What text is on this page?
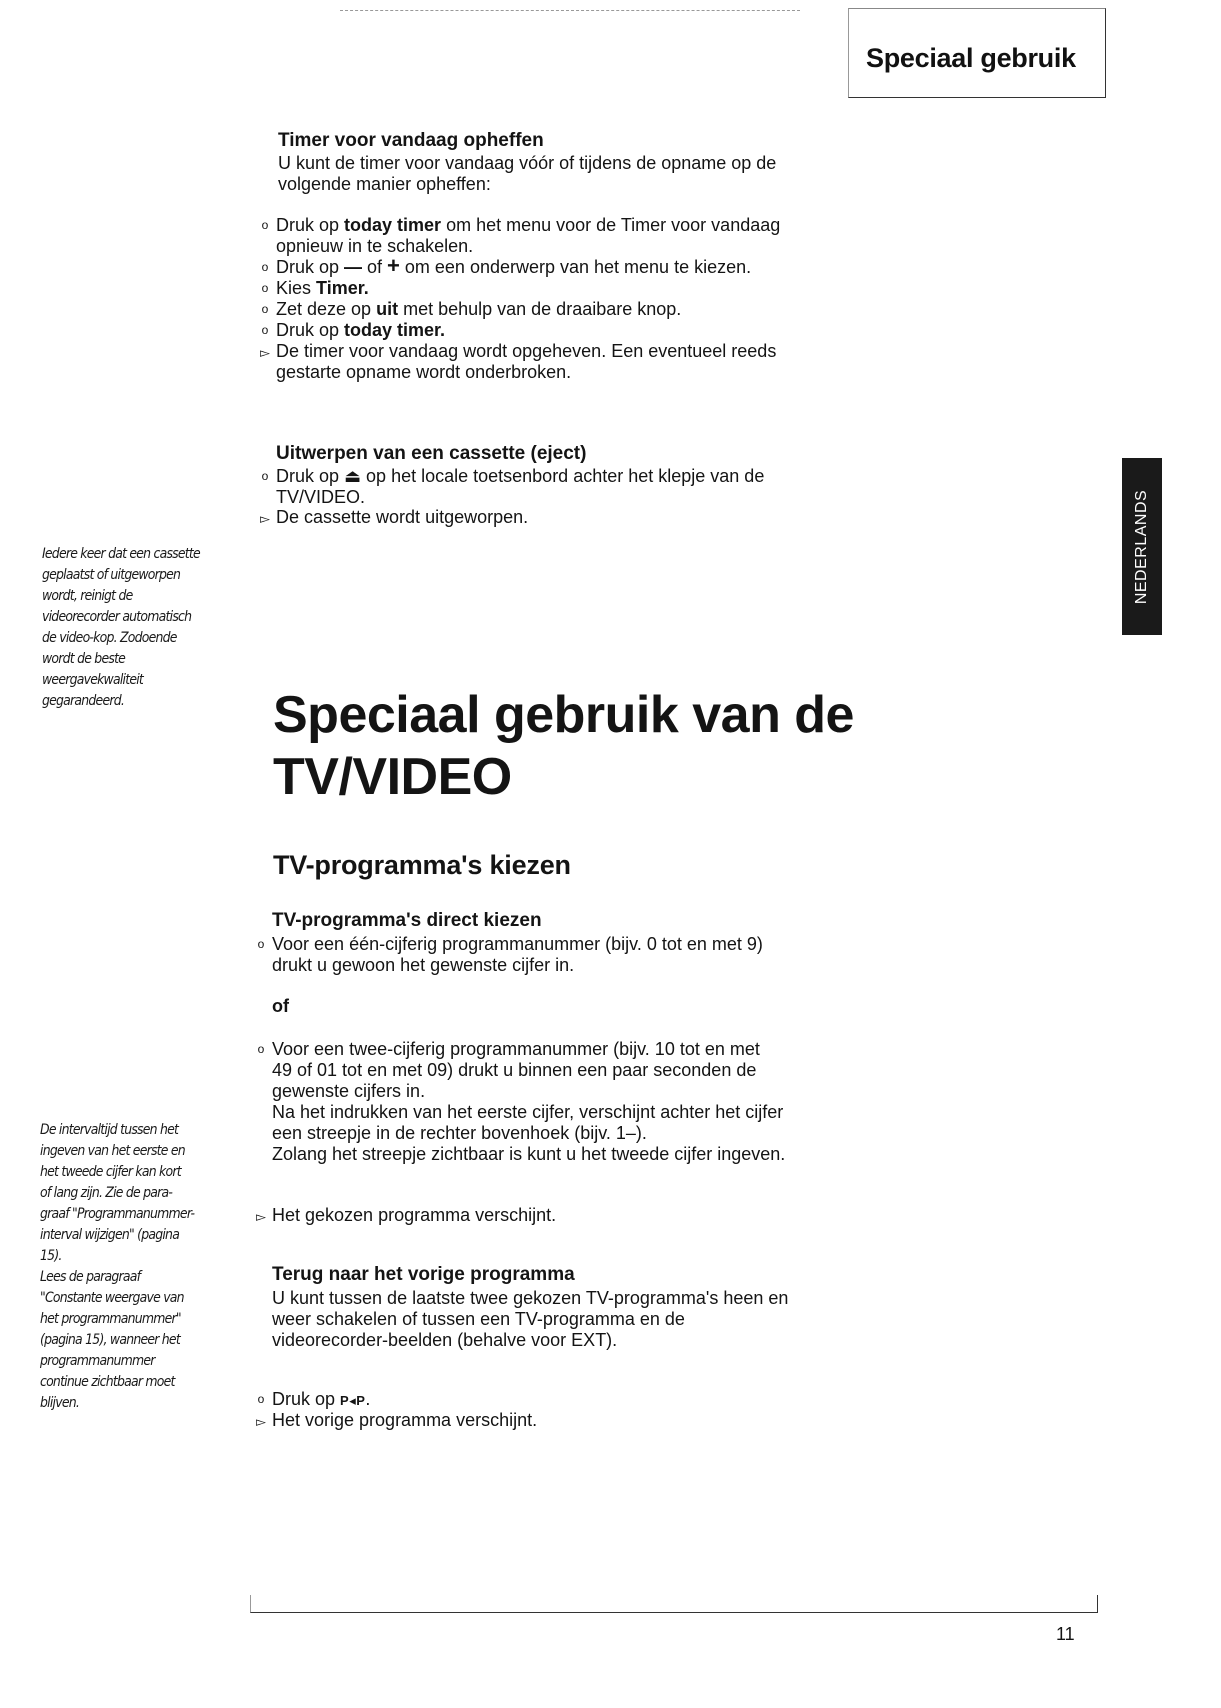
Speciaal gebruik
NEDERLANDS
Timer voor vandaag opheffen
U kunt de timer voor vandaag vóór of tijdens de opname op de
volgende manier opheffen:
o Druk op today timer om het menu voor de Timer voor vandaag
opnieuw in te schakelen.
o Druk op — of + om een onderwerp van het menu te kiezen.
o Kies Timer.
o Zet deze op uit met behulp van de draaibare knop.
o Druk op today timer.
▻ De timer voor vandaag wordt opgeheven. Een eventueel reeds
gestarte opname wordt onderbroken.
Uitwerpen van een cassette (eject)
o Druk op ⏏ op het locale toetsenbord achter het klepje van de
TV/VIDEO.
▻ De cassette wordt uitgeworpen.
Iedere keer dat een cassette
geplaatst of uitgeworpen
wordt, reinigt de
videorecorder automatisch
de video-kop. Zodoende
wordt de beste
weergavekwaliteit
gegarandeerd.	Speciaal gebruik van de
TV/VIDEO
TV-programma's kiezen
TV-programma's direct kiezen
o Voor een één-cijferig programmanummer (bijv. 0 tot en met 9)
drukt u gewoon het gewenste cijfer in.
of
o Voor een twee-cijferig programmanummer (bijv. 10 tot en met
49 of 01 tot en met 09) drukt u binnen een paar seconden de
gewenste cijfers in.
Na het indrukken van het eerste cijfer, verschijnt achter het cijfer
een streepje in de rechter bovenhoek (bijv. 1–).
Zolang het streepje zichtbaar is kunt u het tweede cijfer ingeven.
▻ Het gekozen programma verschijnt.
Terug naar het vorige programma
U kunt tussen de laatste twee gekozen TV-programma's heen en
weer schakelen of tussen een TV-programma en de
videorecorder-beelden (behalve voor EXT).
o Druk op P◂P.
▻ Het vorige programma verschijnt.
De intervaltijd tussen het
ingeven van het eerste en
het tweede cijfer kan kort
of lang zijn. Zie de para-
graaf "Programmanummer-
interval wijzigen" (pagina
15).
Lees de paragraaf
"Constante weergave van
het programmanummer"
(pagina 15), wanneer het
programmanummer
continue zichtbaar moet
blijven.
11
